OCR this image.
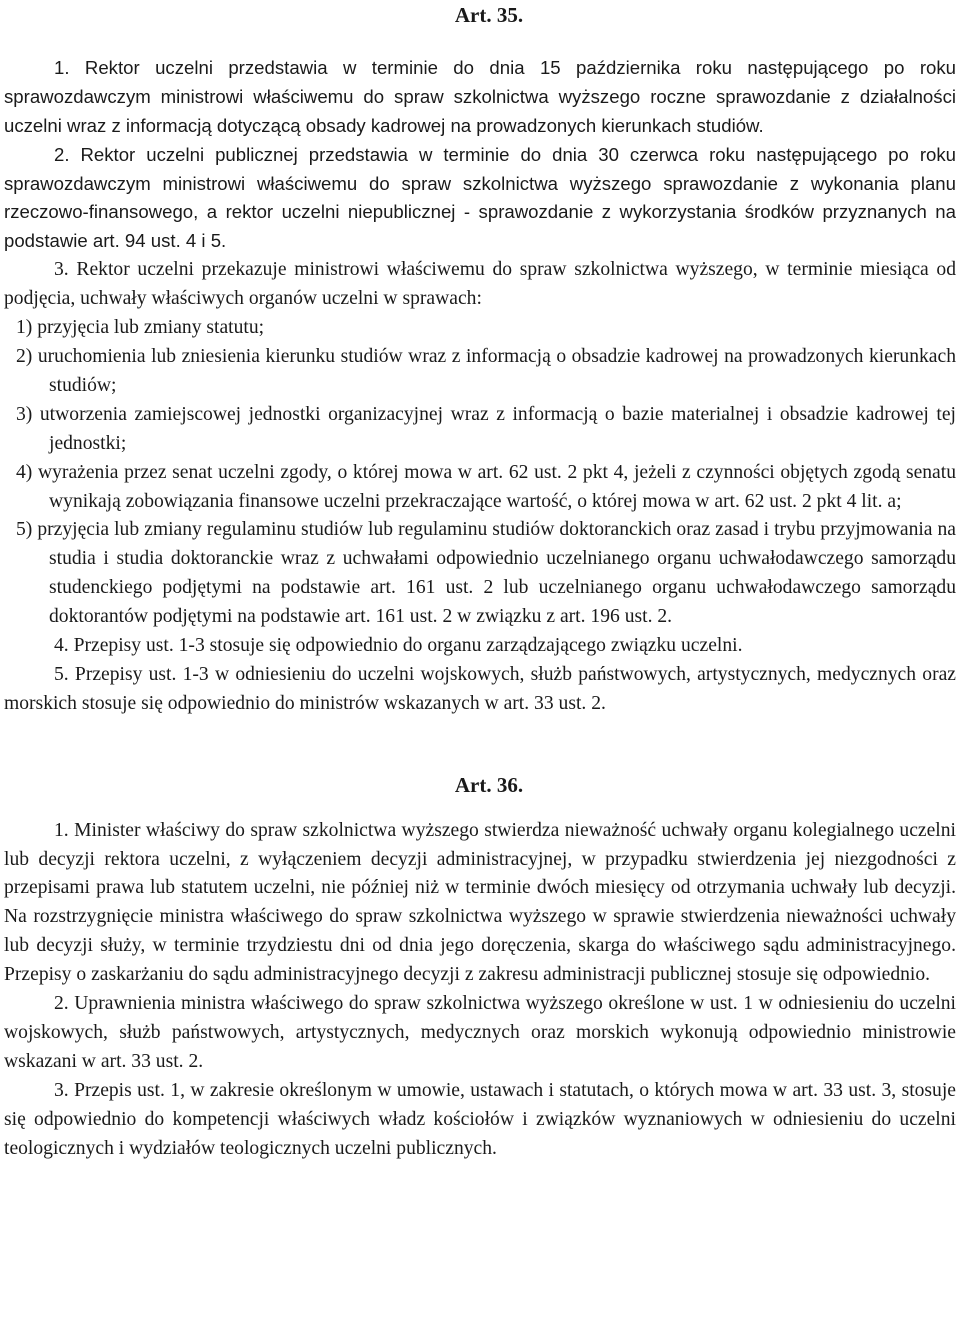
Art. 35.

1. Rektor uczelni przedstawia w terminie do dnia 15 października roku następującego po roku sprawozdawczym ministrowi właściwemu do spraw szkolnictwa wyższego roczne sprawozdanie z działalności uczelni wraz z informacją dotyczącą obsady kadrowej na prowadzonych kierunkach studiów.

2. Rektor uczelni publicznej przedstawia w terminie do dnia 30 czerwca roku następującego po roku sprawozdawczym ministrowi właściwemu do spraw szkolnictwa wyższego sprawozdanie z wykonania planu rzeczowo-finansowego, a rektor uczelni niepublicznej - sprawozdanie z wykorzystania środków przyznanych na podstawie art. 94 ust. 4 i 5.

3. Rektor uczelni przekazuje ministrowi właściwemu do spraw szkolnictwa wyższego, w terminie miesiąca od podjęcia, uchwały właściwych organów uczelni w sprawach:

1) przyjęcia lub zmiany statutu;

2) uruchomienia lub zniesienia kierunku studiów wraz z informacją o obsadzie kadrowej na prowadzonych kierunkach studiów;

3) utworzenia zamiejscowej jednostki organizacyjnej wraz z informacją o bazie materialnej i obsadzie kadrowej tej jednostki;

4) wyrażenia przez senat uczelni zgody, o której mowa w art. 62 ust. 2 pkt 4, jeżeli z czynności objętych zgodą senatu wynikają zobowiązania finansowe uczelni przekraczające wartość, o której mowa w art. 62 ust. 2 pkt 4 lit. a;

5) przyjęcia lub zmiany regulaminu studiów lub regulaminu studiów doktoranckich oraz zasad i trybu przyjmowania na studia i studia doktoranckie wraz z uchwałami odpowiednio uczelnianego organu uchwałodawczego samorządu studenckiego podjętymi na podstawie art. 161 ust. 2 lub uczelnianego organu uchwałodawczego samorządu doktorantów podjętymi na podstawie art. 161 ust. 2 w związku z art. 196 ust. 2.

4. Przepisy ust. 1-3 stosuje się odpowiednio do organu zarządzającego związku uczelni.

5. Przepisy ust. 1-3 w odniesieniu do uczelni wojskowych, służb państwowych, artystycznych, medycznych oraz morskich stosuje się odpowiednio do ministrów wskazanych w art. 33 ust. 2.

Art. 36.

1. Minister właściwy do spraw szkolnictwa wyższego stwierdza nieważność uchwały organu kolegialnego uczelni lub decyzji rektora uczelni, z wyłączeniem decyzji administracyjnej, w przypadku stwierdzenia jej niezgodności z przepisami prawa lub statutem uczelni, nie później niż w terminie dwóch miesięcy od otrzymania uchwały lub decyzji. Na rozstrzygnięcie ministra właściwego do spraw szkolnictwa wyższego w sprawie stwierdzenia nieważności uchwały lub decyzji służy, w terminie trzydziestu dni od dnia jego doręczenia, skarga do właściwego sądu administracyjnego. Przepisy o zaskarżaniu do sądu administracyjnego decyzji z zakresu administracji publicznej stosuje się odpowiednio.

2. Uprawnienia ministra właściwego do spraw szkolnictwa wyższego określone w ust. 1 w odniesieniu do uczelni wojskowych, służb państwowych, artystycznych, medycznych oraz morskich wykonują odpowiednio ministrowie wskazani w art. 33 ust. 2.

3. Przepis ust. 1, w zakresie określonym w umowie, ustawach i statutach, o których mowa w art. 33 ust. 3, stosuje się odpowiednio do kompetencji właściwych władz kościołów i związków wyznaniowych w odniesieniu do uczelni teologicznych i wydziałów teologicznych uczelni publicznych.
